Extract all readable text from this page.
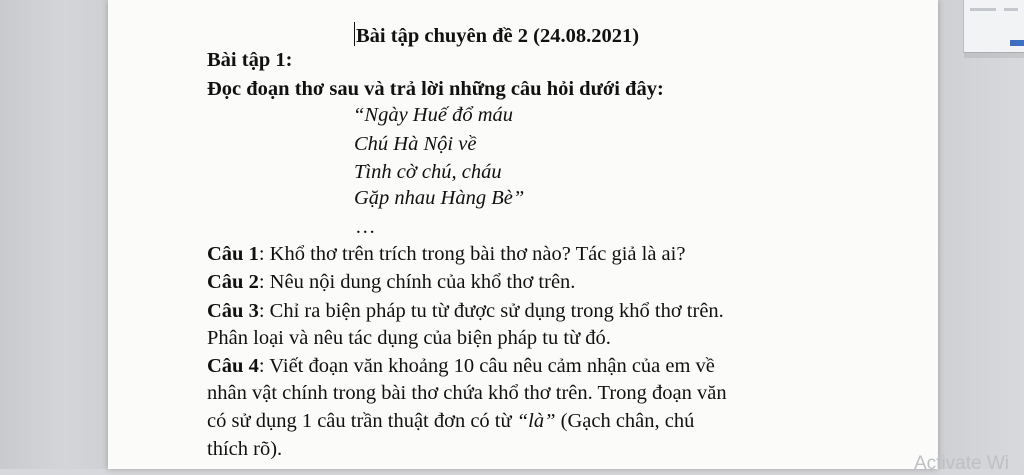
Bài tập chuyên đề 2 (24.08.2021)
Bài tập 1:
Đọc đoạn thơ sau và trả lời những câu hỏi dưới đây:
“Ngày Huế đổ máu
Chú Hà Nội về
Tình cờ chú, cháu
Gặp nhau Hàng Bè”
…
Câu 1: Khổ thơ trên trích trong bài thơ nào? Tác giả là ai?
Câu 2: Nêu nội dung chính của khổ thơ trên.
Câu 3: Chỉ ra biện pháp tu từ được sử dụng trong khổ thơ trên.
Phân loại và nêu tác dụng của biện pháp tu từ đó.
Câu 4: Viết đoạn văn khoảng 10 câu nêu cảm nhận của em về
nhân vật chính trong bài thơ chứa khổ thơ trên. Trong đoạn văn
có sử dụng 1 câu trần thuật đơn có từ “là” (Gạch chân, chú
thích rõ).
Activate Wi
